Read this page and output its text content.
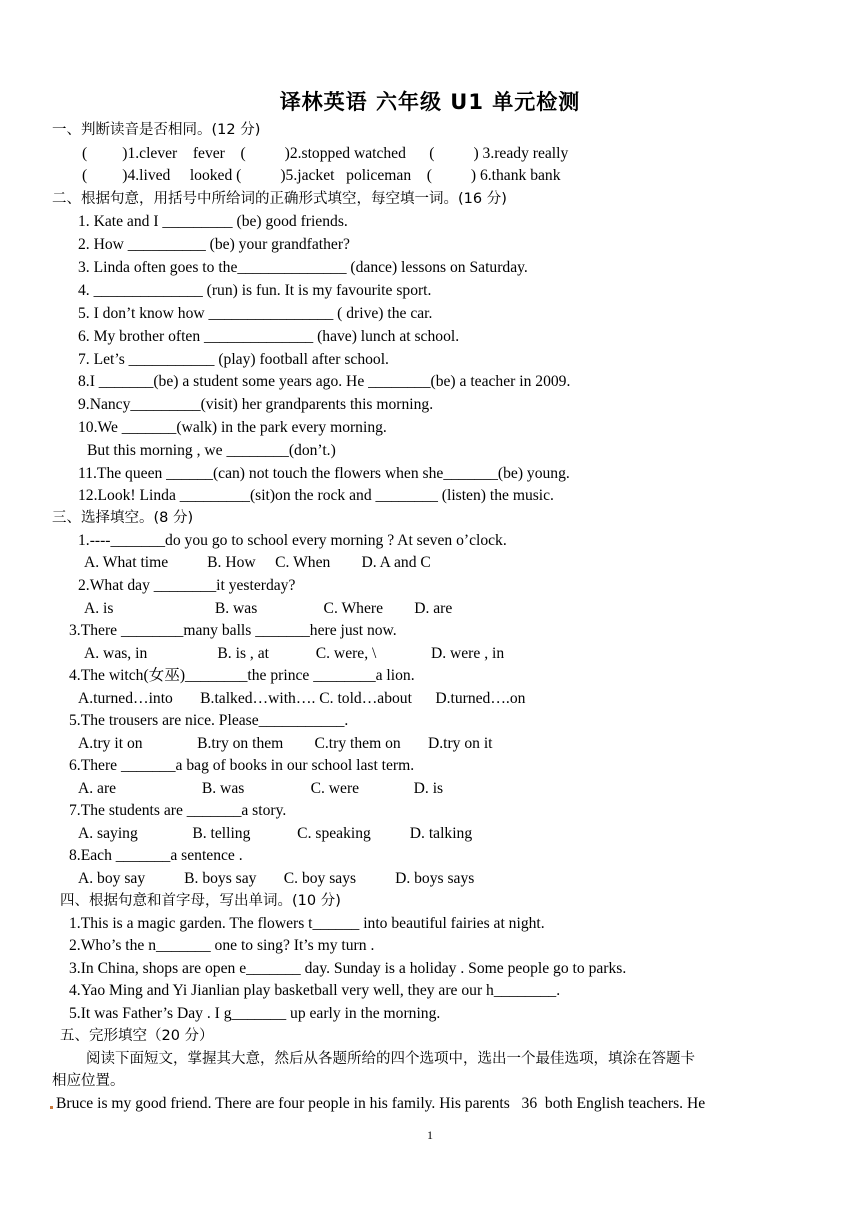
译林英语 六年级 U1 单元检测
一、判断读音是否相同。(12 分)
(         )1.clever    fever    (          )2.stopped watched      (          ) 3.ready really
(         )4.lived     looked (          )5.jacket   policeman    (          ) 6.thank bank
二、根据句意，用括号中所给词的正确形式填空，每空填一词。(16 分)
1. Kate and I _________ (be) good friends.
2. How __________ (be) your grandfather?
3. Linda often goes to the______________ (dance) lessons on Saturday.
4. ______________ (run) is fun. It is my favourite sport.
5. I don’t know how ________________ ( drive) the car.
6. My brother often ______________ (have) lunch at school.
7. Let’s ___________ (play) football after school.
8.I _______(be) a student some years ago. He ________(be) a teacher in 2009.
9.Nancy_________(visit) her grandparents this morning.
10.We _______(walk) in the park every morning.
But this morning , we ________(don’t.)
11.The queen ______(can) not touch the flowers when she_______(be) young.
12.Look! Linda _________(sit)on the rock and ________ (listen) the music.
三、选择填空。(8 分)
1.----_______do you go to school every morning ? At seven o’clock.
A. What time          B. How     C. When        D. A and C
2.What day ________it yesterday?
A. is                          B. was                 C. Where        D. are
3.There ________many balls _______here just now.
A. was, in                  B. is , at            C. were, \              D. were , in
4.The witch(女巫)________the prince ________a lion.
A.turned…into       B.talked…with…. C. told…about      D.turned….on
5.The trousers are nice. Please___________.
A.try it on              B.try on them        C.try them on       D.try on it
6.There _______a bag of books in our school last term.
A. are                      B. was                 C. were              D. is
7.The students are _______a story.
A. saying              B. telling            C. speaking          D. talking
8.Each _______a sentence .
A. boy say          B. boys say       C. boy says          D. boys says
四、根据句意和首字母，写出单词。(10 分)
1.This is a magic garden. The flowers t______ into beautiful fairies at night.
2.Who’s the n_______ one to sing? It’s my turn .
3.In China, shops are open e_______ day. Sunday is a holiday . Some people go to parks.
4.Yao Ming and Yi Jianlian play basketball very well, they are our h________.
5.It was Father’s Day . I g_______ up early in the morning.
五、完形填空（20 分）
阅读下面短文，掌握其大意，然后从各题所给的四个选项中，选出一个最佳选项，填涂在答题卡
相应位置。
Bruce is my good friend. There are four people in his family. His parents   36  both English teachers. He
1
